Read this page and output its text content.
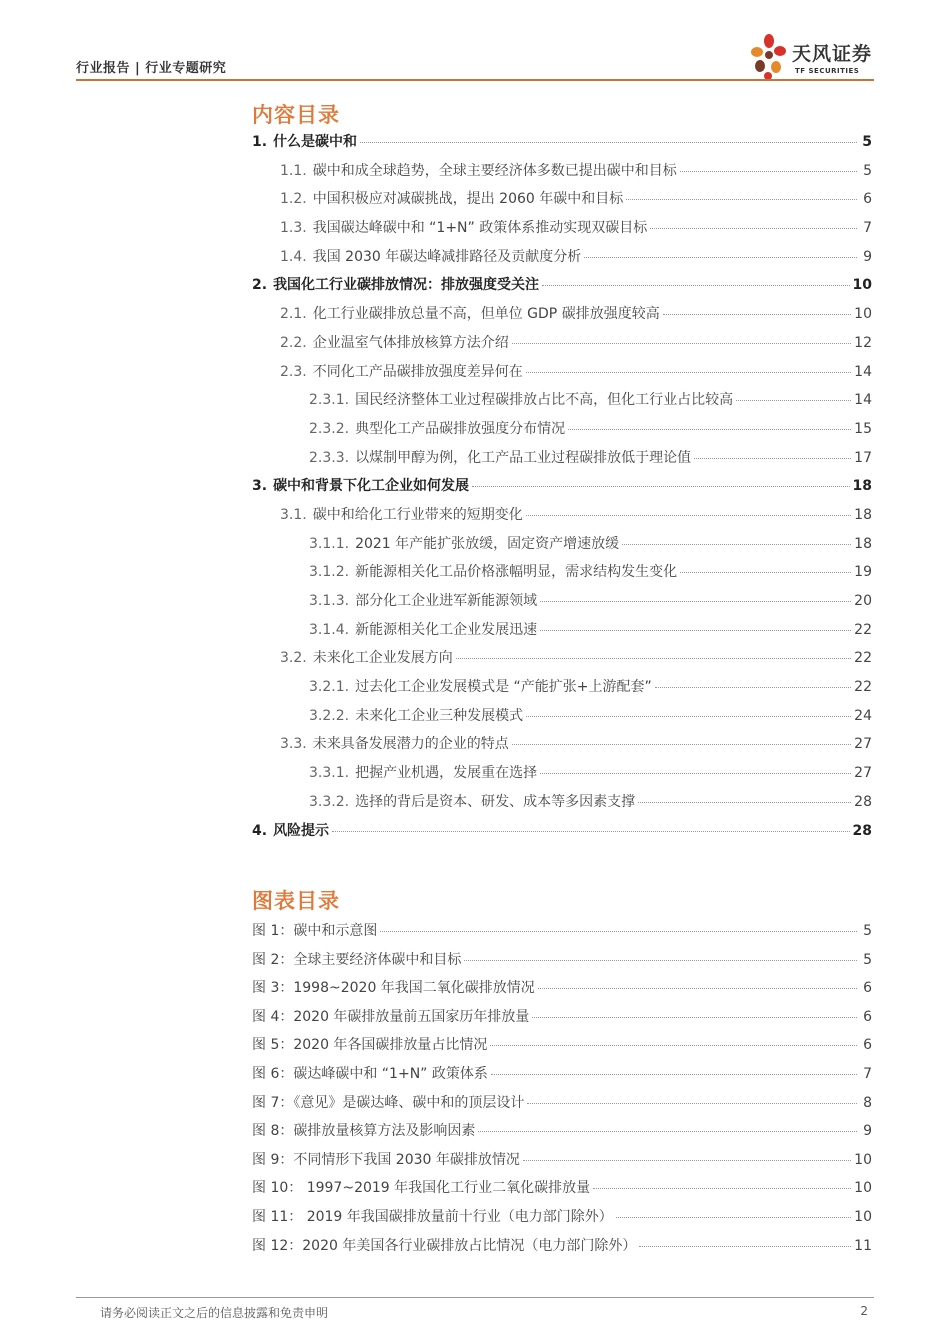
行业报告 | 行业专题研究
天风证券
TF SECURITIES
内容目录
1. 什么是碳中和	5
1.1. 碳中和成全球趋势，全球主要经济体多数已提出碳中和目标	5
1.2. 中国积极应对减碳挑战，提出 2060 年碳中和目标	6
1.3. 我国碳达峰碳中和 “1+N” 政策体系推动实现双碳目标	7
1.4. 我国 2030 年碳达峰减排路径及贡献度分析	9
2. 我国化工行业碳排放情况：排放强度受关注	10
2.1. 化工行业碳排放总量不高，但单位 GDP 碳排放强度较高	10
2.2. 企业温室气体排放核算方法介绍	12
2.3. 不同化工产品碳排放强度差异何在	14
2.3.1. 国民经济整体工业过程碳排放占比不高，但化工行业占比较高	14
2.3.2. 典型化工产品碳排放强度分布情况	15
2.3.3. 以煤制甲醇为例，化工产品工业过程碳排放低于理论值	17
3. 碳中和背景下化工企业如何发展	18
3.1. 碳中和给化工行业带来的短期变化	18
3.1.1. 2021 年产能扩张放缓，固定资产增速放缓	18
3.1.2. 新能源相关化工品价格涨幅明显，需求结构发生变化	19
3.1.3. 部分化工企业进军新能源领域	20
3.1.4. 新能源相关化工企业发展迅速	22
3.2. 未来化工企业发展方向	22
3.2.1. 过去化工企业发展模式是 “产能扩张+上游配套”	22
3.2.2. 未来化工企业三种发展模式	24
3.3. 未来具备发展潜力的企业的特点	27
3.3.1. 把握产业机遇，发展重在选择	27
3.3.2. 选择的背后是资本、研发、成本等多因素支撑	28
4. 风险提示	28
图表目录
图 1：碳中和示意图	5
图 2：全球主要经济体碳中和目标	5
图 3：1998~2020 年我国二氧化碳排放情况	6
图 4：2020 年碳排放量前五国家历年排放量	6
图 5：2020 年各国碳排放量占比情况	6
图 6：碳达峰碳中和 “1+N” 政策体系	7
图 7：《意见》是碳达峰、碳中和的顶层设计	8
图 8：碳排放量核算方法及影响因素	9
图 9：不同情形下我国 2030 年碳排放情况	10
图 10： 1997~2019 年我国化工行业二氧化碳排放量	10
图 11： 2019 年我国碳排放量前十行业（电力部门除外）	10
图 12：2020 年美国各行业碳排放占比情况（电力部门除外）	11
请务必阅读正文之后的信息披露和免责申明	2
